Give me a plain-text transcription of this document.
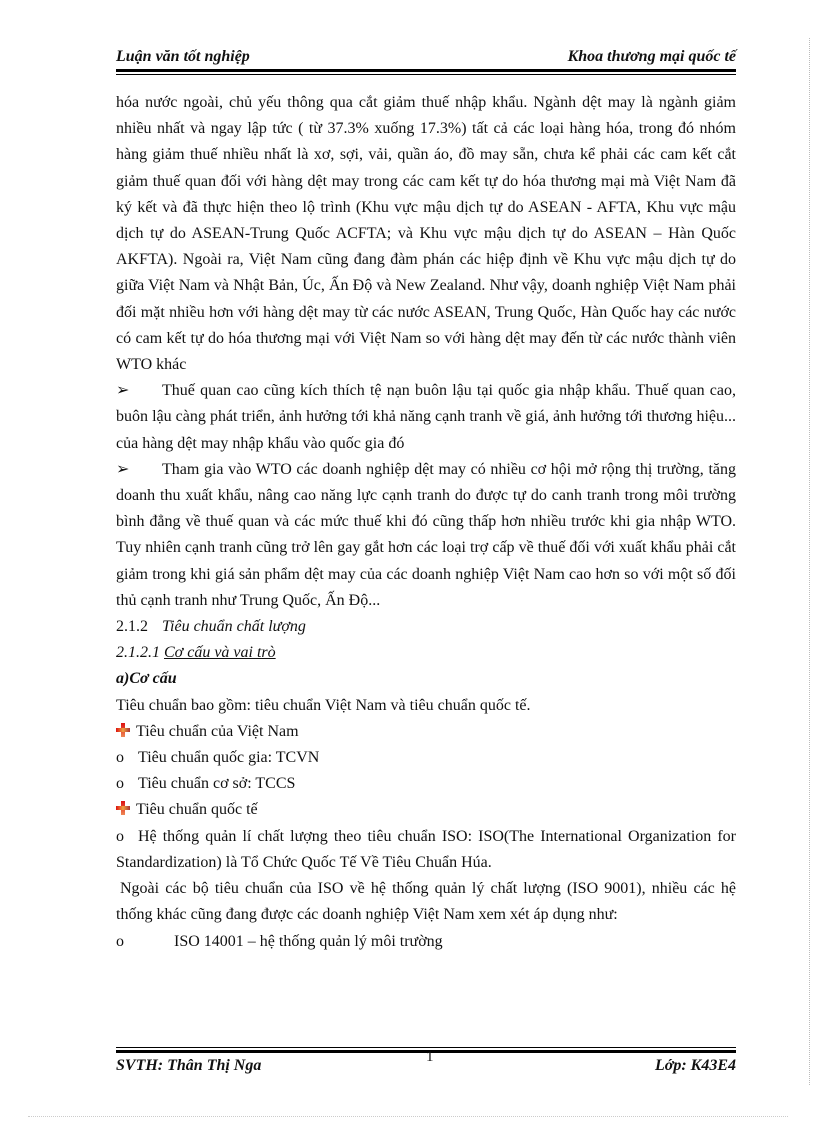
Luận văn tốt nghiệp	Khoa thương mại quốc tế

hóa nước ngoài, chủ yếu thông qua cắt giảm thuế nhập khẩu. Ngành dệt may là ngành giảm nhiều nhất và ngay lập tức ( từ 37.3% xuống 17.3%) tất cả các loại hàng hóa, trong đó nhóm hàng giảm thuế nhiều nhất là xơ, sợi, vải, quần áo, đồ may sẵn, chưa kể phải các cam kết cắt giảm thuế quan đối với hàng dệt may trong các cam kết tự do hóa thương mại mà Việt Nam đã ký kết và đã thực hiện theo lộ trình (Khu vực mậu dịch tự do ASEAN - AFTA, Khu vực mậu dịch tự do ASEAN-Trung Quốc ACFTA; và Khu vực mậu dịch tự do ASEAN – Hàn Quốc AKFTA). Ngoài ra, Việt Nam cũng đang đàm phán các hiệp định về Khu vực mậu dịch tự do giữa Việt Nam và Nhật Bản, Úc, Ấn Độ và New Zealand. Như vậy, doanh nghiệp Việt Nam phải đối mặt nhiều hơn với hàng dệt may từ các nước ASEAN, Trung Quốc, Hàn Quốc hay các nước có cam kết tự do hóa thương mại với Việt Nam so với hàng dệt may đến từ các nước thành viên WTO khác

➢ Thuế quan cao cũng kích thích tệ nạn buôn lậu tại quốc gia nhập khẩu. Thuế quan cao, buôn lậu càng phát triển, ảnh hưởng tới khả năng cạnh tranh về giá, ảnh hưởng tới thương hiệu... của hàng dệt may nhập khẩu vào quốc gia đó

➢ Tham gia vào WTO các doanh nghiệp dệt may có nhiều cơ hội mở rộng thị trường, tăng doanh thu xuất khẩu, nâng cao năng lực cạnh tranh do được tự do canh tranh trong môi trường bình đẳng về thuế quan và các mức thuế khi đó cũng thấp hơn nhiều trước khi gia nhập WTO. Tuy nhiên cạnh tranh cũng trở lên gay gắt hơn các loại trợ cấp về thuế đối với xuất khẩu phải cắt giảm trong khi giá sản phẩm dệt may của các doanh nghiệp Việt Nam cao hơn so với một số đối thủ cạnh tranh như Trung Quốc, Ấn Độ...

2.1.2 Tiêu chuẩn chất lượng

2.1.2.1 Cơ cấu và vai trò

a)Cơ cấu

Tiêu chuẩn bao gồm: tiêu chuẩn Việt Nam và tiêu chuẩn quốc tế.

Tiêu chuẩn của Việt Nam

o Tiêu chuẩn quốc gia: TCVN

o Tiêu chuẩn cơ sở: TCCS

Tiêu chuẩn quốc tế

o Hệ thống quản lí chất lượng theo tiêu chuẩn ISO: ISO(The International Organization for Standardization) là Tổ Chức Quốc Tế Về Tiêu Chuẩn Húa.

Ngoài các bộ tiêu chuẩn của ISO về hệ thống quản lý chất lượng (ISO 9001), nhiều các hệ thống khác cũng đang được các doanh nghiệp Việt Nam xem xét áp dụng như:

o	ISO 14001 – hệ thống quản lý môi trường

1
SVTH: Thân Thị Nga	Lớp: K43E4
